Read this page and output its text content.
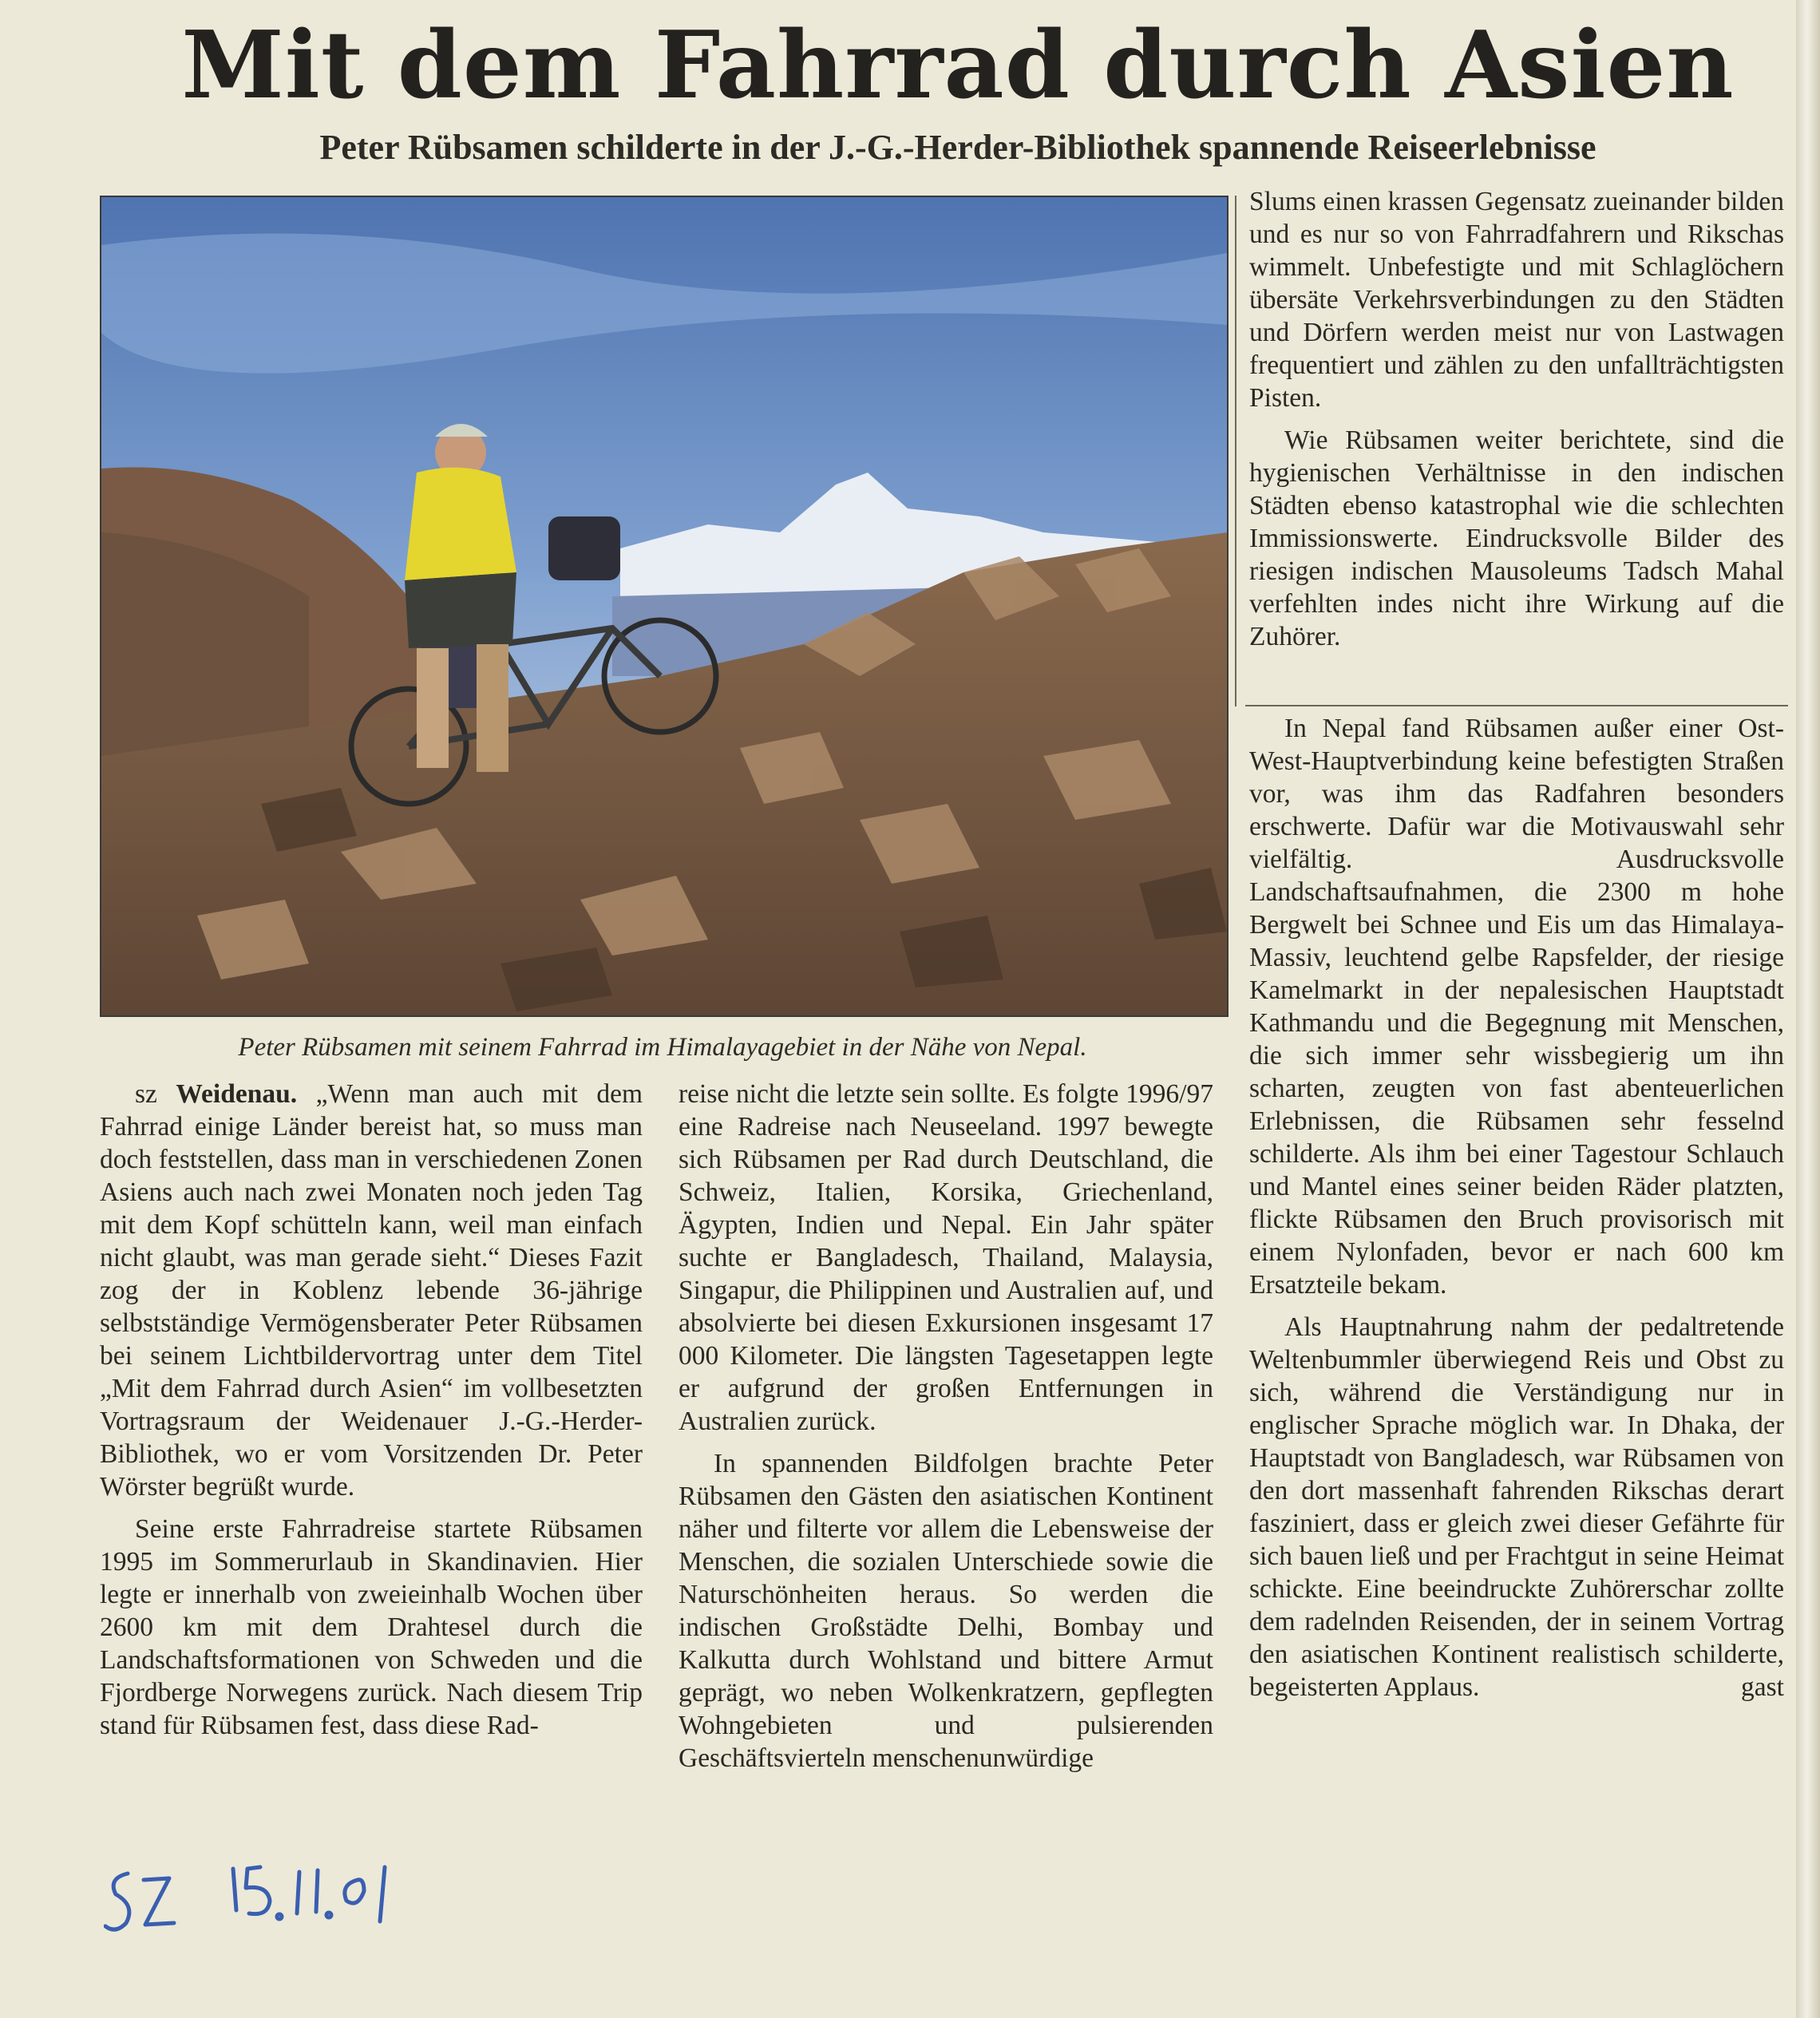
Mit dem Fahrrad durch Asien
Peter Rübsamen schilderte in der J.-G.-Herder-Bibliothek spannende Reiseerlebnisse
Peter Rübsamen mit seinem Fahrrad im Himalayagebiet in der Nähe von Nepal.

sz Weidenau. „Wenn man auch mit dem Fahrrad einige Länder bereist hat, so muss man doch feststellen, dass man in verschiedenen Zonen Asiens auch nach zwei Monaten noch jeden Tag mit dem Kopf schütteln kann, weil man einfach nicht glaubt, was man gerade sieht.“ Dieses Fazit zog der in Koblenz lebende 36-jährige selbstständige Vermögensberater Peter Rübsamen bei seinem Lichtbildervortrag unter dem Titel „Mit dem Fahrrad durch Asien“ im vollbesetzten Vortragsraum der Weidenauer J.-G.-Herder-Bibliothek, wo er vom Vorsitzenden Dr. Peter Wörster begrüßt wurde.

Seine erste Fahrradreise startete Rübsamen 1995 im Sommerurlaub in Skandinavien. Hier legte er innerhalb von zweieinhalb Wochen über 2600 km mit dem Drahtesel durch die Landschaftsformationen von Schweden und die Fjordberge Norwegens zurück. Nach diesem Trip stand für Rübsamen fest, dass diese Rad-

reise nicht die letzte sein sollte. Es folgte 1996/97 eine Radreise nach Neuseeland. 1997 bewegte sich Rübsamen per Rad durch Deutschland, die Schweiz, Italien, Korsika, Griechenland, Ägypten, Indien und Nepal. Ein Jahr später suchte er Bangladesch, Thailand, Malaysia, Singapur, die Philippinen und Australien auf, und absolvierte bei diesen Exkursionen insgesamt 17 000 Kilometer. Die längsten Tagesetappen legte er aufgrund der großen Entfernungen in Australien zurück.

In spannenden Bildfolgen brachte Peter Rübsamen den Gästen den asiatischen Kontinent näher und filterte vor allem die Lebensweise der Menschen, die sozialen Unterschiede sowie die Naturschönheiten heraus. So werden die indischen Großstädte Delhi, Bombay und Kalkutta durch Wohlstand und bittere Armut geprägt, wo neben Wolkenkratzern, gepflegten Wohngebieten und pulsierenden Geschäftsvierteln menschenunwürdige

Slums einen krassen Gegensatz zueinander bilden und es nur so von Fahrradfahrern und Rikschas wimmelt. Unbefestigte und mit Schlaglöchern übersäte Verkehrsverbindungen zu den Städten und Dörfern werden meist nur von Lastwagen frequentiert und zählen zu den unfallträchtigsten Pisten.

Wie Rübsamen weiter berichtete, sind die hygienischen Verhältnisse in den indischen Städten ebenso katastrophal wie die schlechten Immissionswerte. Eindrucksvolle Bilder des riesigen indischen Mausoleums Tadsch Mahal verfehlten indes nicht ihre Wirkung auf die Zuhörer.

In Nepal fand Rübsamen außer einer Ost-West-Hauptverbindung keine befestigten Straßen vor, was ihm das Radfahren besonders erschwerte. Dafür war die Motivauswahl sehr vielfältig. Ausdrucksvolle Landschaftsaufnahmen, die 2300 m hohe Bergwelt bei Schnee und Eis um das Himalaya-Massiv, leuchtend gelbe Rapsfelder, der riesige Kamelmarkt in der nepalesischen Hauptstadt Kathmandu und die Begegnung mit Menschen, die sich immer sehr wissbegierig um ihn scharten, zeugten von fast abenteuerlichen Erlebnissen, die Rübsamen sehr fesselnd schilderte. Als ihm bei einer Tagestour Schlauch und Mantel eines seiner beiden Räder platzten, flickte Rübsamen den Bruch provisorisch mit einem Nylonfaden, bevor er nach 600 km Ersatzteile bekam.

Als Hauptnahrung nahm der pedaltretende Weltenbummler überwiegend Reis und Obst zu sich, während die Verständigung nur in englischer Sprache möglich war. In Dhaka, der Hauptstadt von Bangladesch, war Rübsamen von den dort massenhaft fahrenden Rikschas derart fasziniert, dass er gleich zwei dieser Gefährte für sich bauen ließ und per Frachtgut in seine Heimat schickte. Eine beeindruckte Zuhörerschar zollte dem radelnden Reisenden, der in seinem Vortrag den asiatischen Kontinent realistisch schilderte, begeisterten Applaus.	gast
